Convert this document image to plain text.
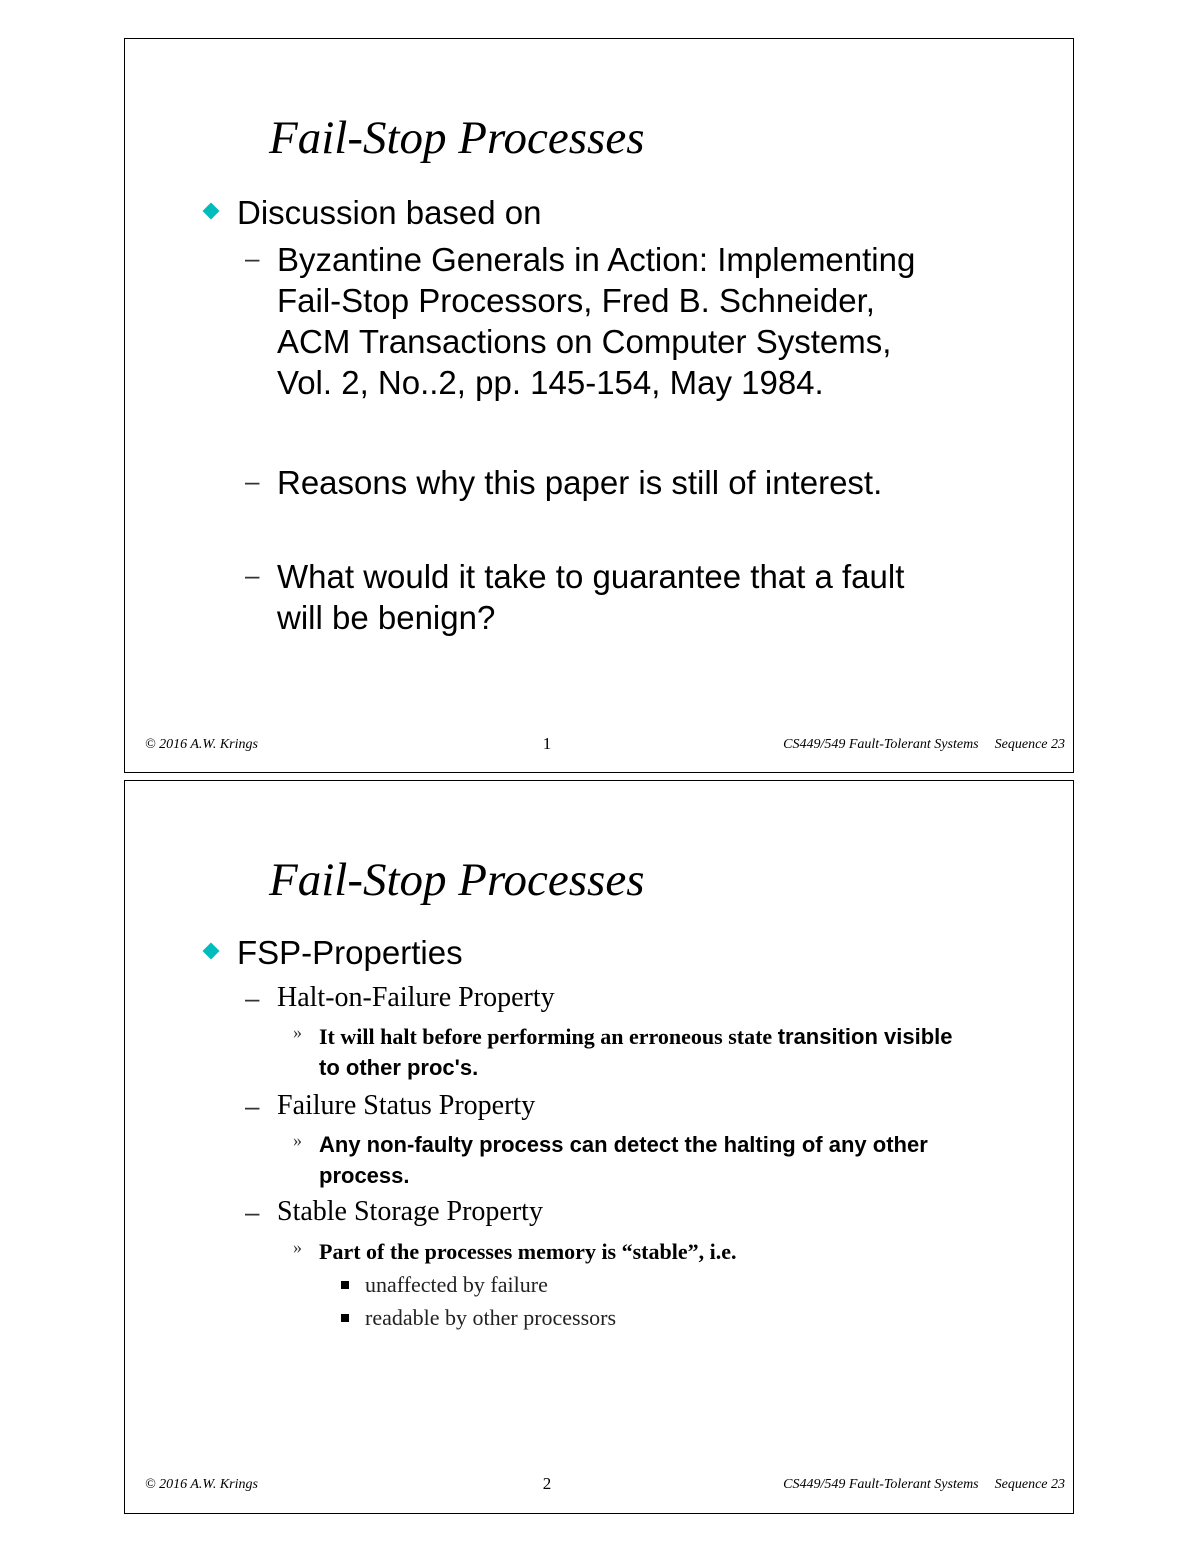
Fail-Stop Processes
Discussion based on
– Byzantine Generals in Action: Implementing
Fail-Stop Processors, Fred B. Schneider,
ACM Transactions on Computer Systems,
Vol. 2, No..2, pp. 145-154, May 1984.
– Reasons why this paper is still of interest.
– What would it take to guarantee that a fault
will be benign?
© 2016 A.W. Krings	1	CS449/549 Fault-Tolerant Systems Sequence 23
Fail-Stop Processes
FSP-Properties
– Halt-on-Failure Property
» It will halt before performing an erroneous state transition visible
to other proc's.
– Failure Status Property
» Any non-faulty process can detect the halting of any other
process.
– Stable Storage Property
» Part of the processes memory is “stable”, i.e.
unaffected by failure
readable by other processors
© 2016 A.W. Krings	2	CS449/549 Fault-Tolerant Systems Sequence 23
